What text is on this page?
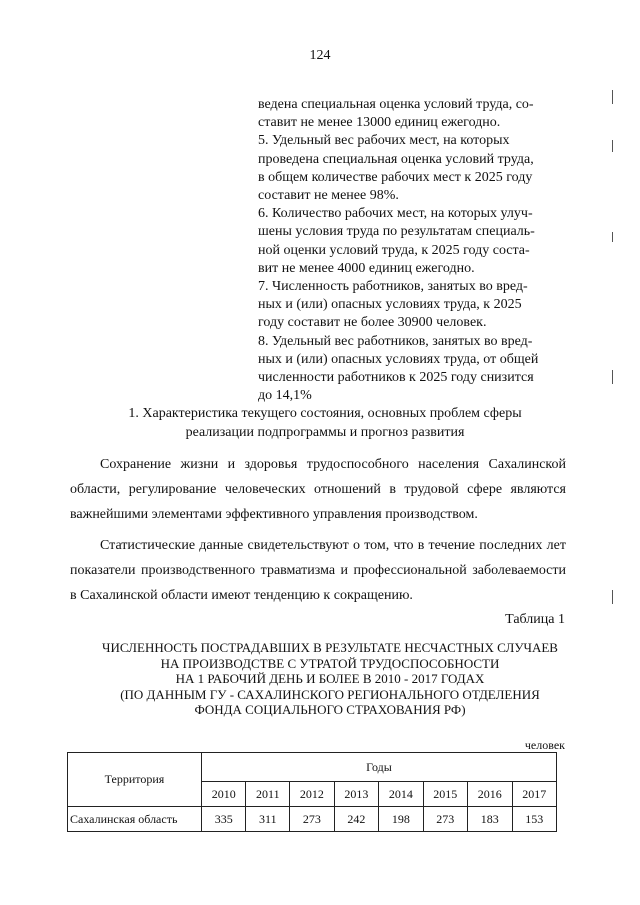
124

ведена специальная оценка условий труда, со-

ставит не менее 13000 единиц ежегодно.

5. Удельный вес рабочих мест, на которых

проведена специальная оценка условий труда,

в общем количестве рабочих мест к 2025 году

составит не менее 98%.

6. Количество рабочих мест, на которых улуч-

шены условия труда по результатам специаль-

ной оценки условий труда, к 2025 году соста-

вит не менее 4000 единиц ежегодно.

7. Численность работников, занятых во вред-

ных и (или) опасных условиях труда, к 2025

году составит не более 30900 человек.

8. Удельный вес работников, занятых во вред-

ных и (или) опасных условиях труда, от общей

численности работников к 2025 году снизится

до 14,1%

1. Характеристика текущего состояния, основных проблем сферы
реализации подпрограммы и прогноз развития

Сохранение жизни и здоровья трудоспособного населения Сахалинской области, регулирование человеческих отношений в трудовой сфере являются важнейшими элементами эффективного управления производством.

Статистические данные свидетельствуют о том, что в течение последних лет показатели производственного травматизма и профессиональной заболеваемости в Сахалинской области имеют тенденцию к сокращению.

Таблица 1
ЧИСЛЕННОСТЬ ПОСТРАДАВШИХ В РЕЗУЛЬТАТЕ НЕСЧАСТНЫХ СЛУЧАЕВ
НА ПРОИЗВОДСТВЕ С УТРАТОЙ ТРУДОСПОСОБНОСТИ
НА 1 РАБОЧИЙ ДЕНЬ И БОЛЕЕ В 2010 - 2017 ГОДАХ
(ПО ДАННЫМ ГУ - САХАЛИНСКОГО РЕГИОНАЛЬНОГО ОТДЕЛЕНИЯ
ФОНДА СОЦИАЛЬНОГО СТРАХОВАНИЯ РФ)
человек
Территория	Годы							
	2010	2011	2012	2013	2014	2015	2016	2017
Сахалинская область	335	311	273	242	198	273	183	153
